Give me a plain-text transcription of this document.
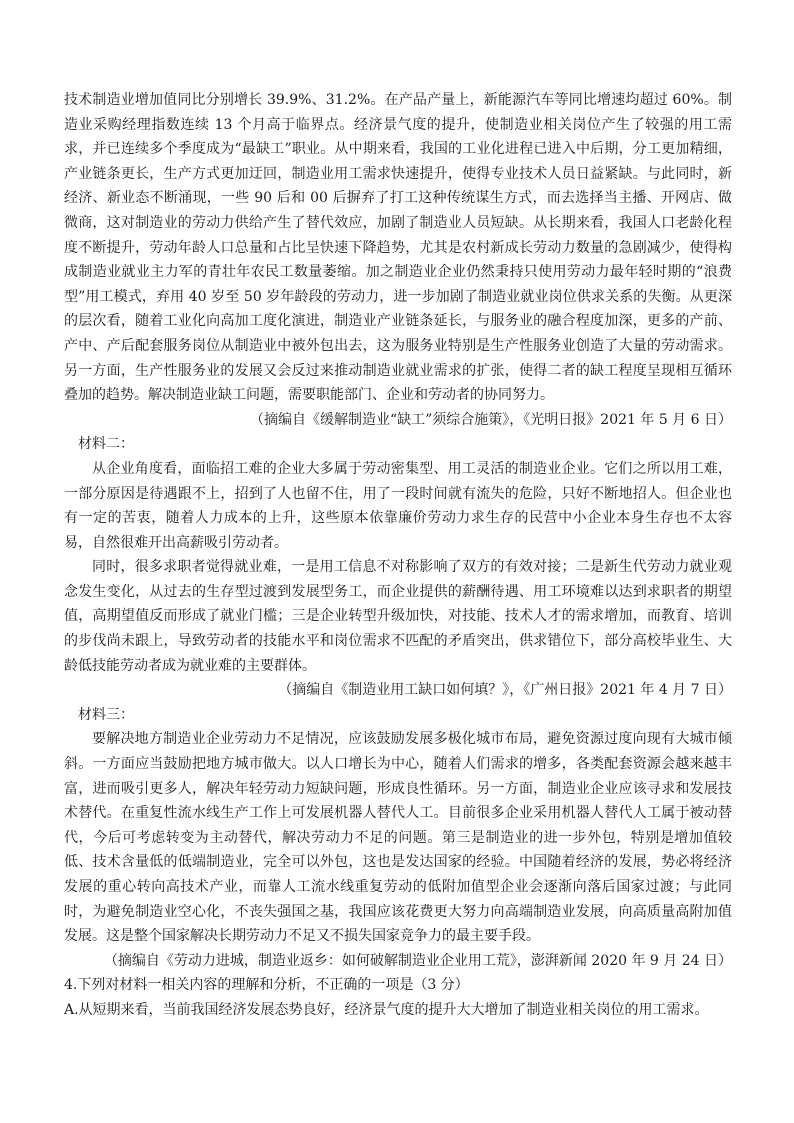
技术制造业增加值同比分别增长 39.9%、31.2%。在产品产量上，新能源汽车等同比增速均超过 60%。制造业采购经理指数连续 13 个月高于临界点。经济景气度的提升，使制造业相关岗位产生了较强的用工需求，并已连续多个季度成为“最缺工”职业。从中期来看，我国的工业化进程已进入中后期，分工更加精细，产业链条更长，生产方式更加迂回，制造业用工需求快速提升，使得专业技术人员日益紧缺。与此同时，新经济、新业态不断涌现，一些 90 后和 00 后摒弃了打工这种传统谋生方式，而去选择当主播、开网店、做微商，这对制造业的劳动力供给产生了替代效应，加剧了制造业人员短缺。从长期来看，我国人口老龄化程度不断提升，劳动年龄人口总量和占比呈快速下降趋势，尤其是农村新成长劳动力数量的急剧减少，使得构成制造业就业主力军的青壮年农民工数量萎缩。加之制造业企业仍然秉持只使用劳动力最年轻时期的“浪费型”用工模式，弃用 40 岁至 50 岁年龄段的劳动力，进一步加剧了制造业就业岗位供求关系的失衡。从更深的层次看，随着工业化向高加工度化演进，制造业产业链条延长，与服务业的融合程度加深，更多的产前、产中、产后配套服务岗位从制造业中被外包出去，这为服务业特别是生产性服务业创造了大量的劳动需求。另一方面，生产性服务业的发展又会反过来推动制造业就业需求的扩张，使得二者的缺工程度呈现相互循环叠加的趋势。解决制造业缺工问题，需要职能部门、企业和劳动者的协同努力。

（摘编自《缓解制造业“缺工”须综合施策》，《光明日报》2021 年 5 月 6 日）

材料二：

从企业角度看，面临招工难的企业大多属于劳动密集型、用工灵活的制造业企业。它们之所以用工难，一部分原因是待遇跟不上，招到了人也留不住，用了一段时间就有流失的危险，只好不断地招人。但企业也有一定的苦衷，随着人力成本的上升，这些原本依靠廉价劳动力求生存的民营中小企业本身生存也不太容易，自然很难开出高薪吸引劳动者。

同时，很多求职者觉得就业难，一是用工信息不对称影响了双方的有效对接；二是新生代劳动力就业观念发生变化，从过去的生存型过渡到发展型务工，而企业提供的薪酬待遇、用工环境难以达到求职者的期望值，高期望值反而形成了就业门槛；三是企业转型升级加快，对技能、技术人才的需求增加，而教育、培训的步伐尚未跟上，导致劳动者的技能水平和岗位需求不匹配的矛盾突出，供求错位下，部分高校毕业生、大龄低技能劳动者成为就业难的主要群体。

（摘编自《制造业用工缺口如何填？》，《广州日报》2021 年 4 月 7 日）

材料三：

要解决地方制造业企业劳动力不足情况，应该鼓励发展多极化城市布局，避免资源过度向现有大城市倾斜。一方面应当鼓励把地方城市做大。以人口增长为中心，随着人们需求的增多，各类配套资源会越来越丰富，进而吸引更多人，解决年轻劳动力短缺问题，形成良性循环。另一方面，制造业企业应该寻求和发展技术替代。在重复性流水线生产工作上可发展机器人替代人工。目前很多企业采用机器人替代人工属于被动替代，今后可考虑转变为主动替代，解决劳动力不足的问题。第三是制造业的进一步外包，特别是增加值较低、技术含量低的低端制造业，完全可以外包，这也是发达国家的经验。中国随着经济的发展，势必将经济发展的重心转向高技术产业，而靠人工流水线重复劳动的低附加值型企业会逐渐向落后国家过渡；与此同时，为避免制造业空心化，不丧失强国之基，我国应该花费更大努力向高端制造业发展，向高质量高附加值发展。这是整个国家解决长期劳动力不足又不损失国家竞争力的最主要手段。

（摘编自《劳动力进城，制造业返乡：如何破解制造业企业用工荒》，澎湃新闻 2020 年 9 月 24 日）

4.下列对材料一相关内容的理解和分析，不正确的一项是（3 分）

A.从短期来看，当前我国经济发展态势良好，经济景气度的提升大大增加了制造业相关岗位的用工需求。
